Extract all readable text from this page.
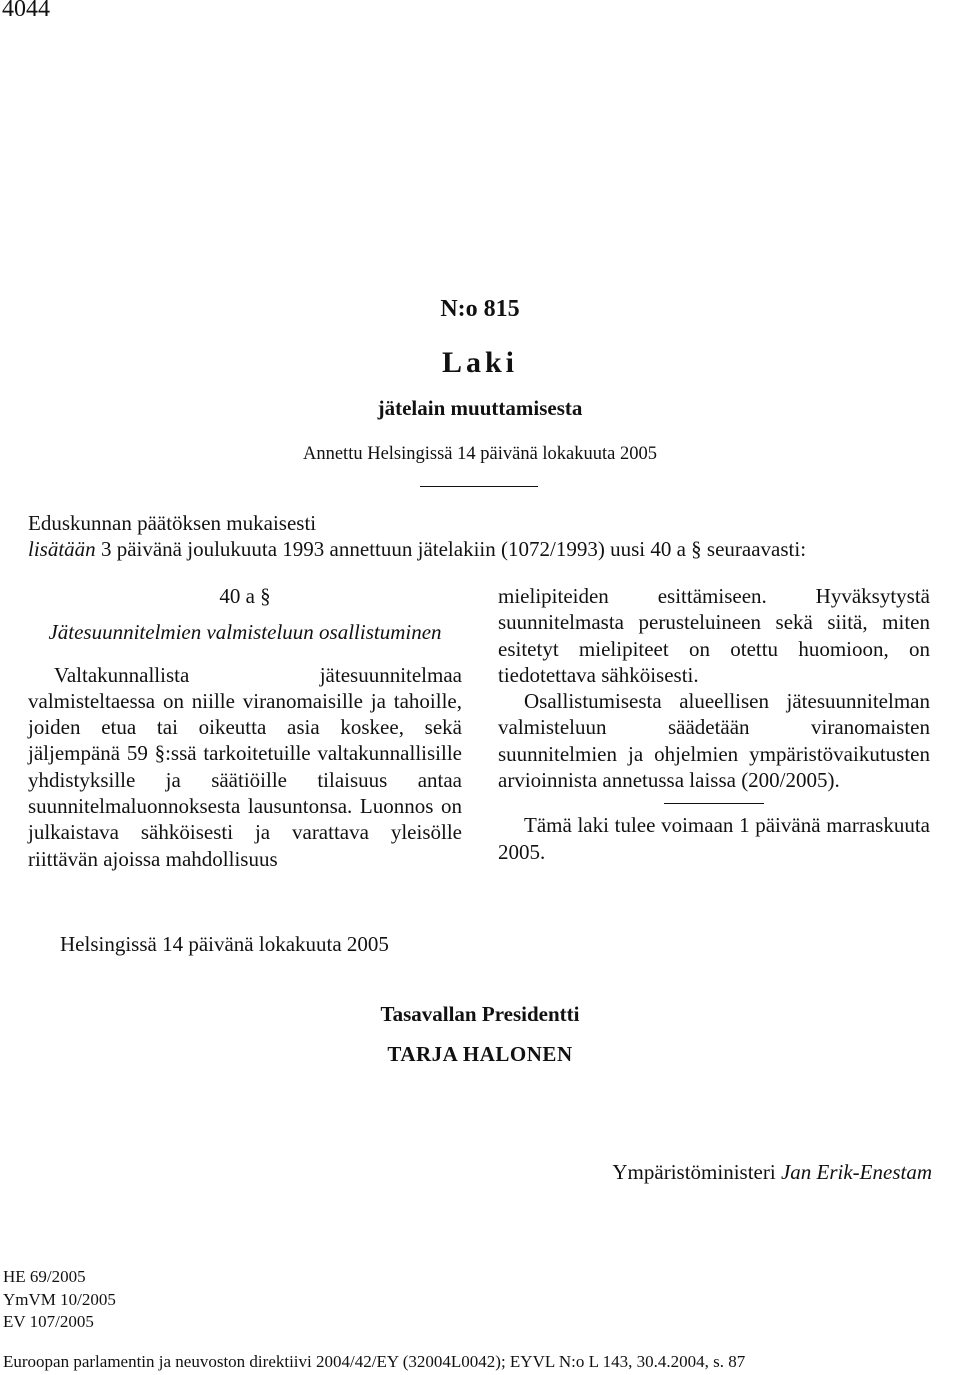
4044

N:o 815

Laki

jätelain muuttamisesta

Annettu Helsingissä 14 päivänä lokakuuta 2005

Eduskunnan päätöksen mukaisesti

lisätään 3 päivänä joulukuuta 1993 annettuun jätelakiin (1072/1993) uusi 40 a § seuraavasti:

40 a §

Jätesuunnitelmien valmisteluun osallistuminen

Valtakunnallista jätesuunnitelmaa valmisteltaessa on niille viranomaisille ja tahoille, joiden etua tai oikeutta asia koskee, sekä jäljempänä 59 §:ssä tarkoitetuille valtakunnallisille yhdistyksille ja säätiöille tilaisuus antaa suunnitelmaluonnoksesta lausuntonsa. Luonnos on julkaistava sähköisesti ja varattava yleisölle riittävän ajoissa mahdollisuus

mielipiteiden esittämiseen. Hyväksytystä suunnitelmasta perusteluineen sekä siitä, miten esitetyt mielipiteet on otettu huomioon, on tiedotettava sähköisesti.

Osallistumisesta alueellisen jätesuunnitelman valmisteluun säädetään viranomaisten suunnitelmien ja ohjelmien ympäristövaikutusten arvioinnista annetussa laissa (200/2005).

Tämä laki tulee voimaan 1 päivänä marraskuuta 2005.

Helsingissä 14 päivänä lokakuuta 2005

Tasavallan Presidentti

TARJA HALONEN

Ympäristöministeri Jan Erik-Enestam

HE 69/2005
YmVM 10/2005
EV 107/2005

Euroopan parlamentin ja neuvoston direktiivi 2004/42/EY (32004L0042); EYVL N:o L 143, 30.4.2004, s. 87
